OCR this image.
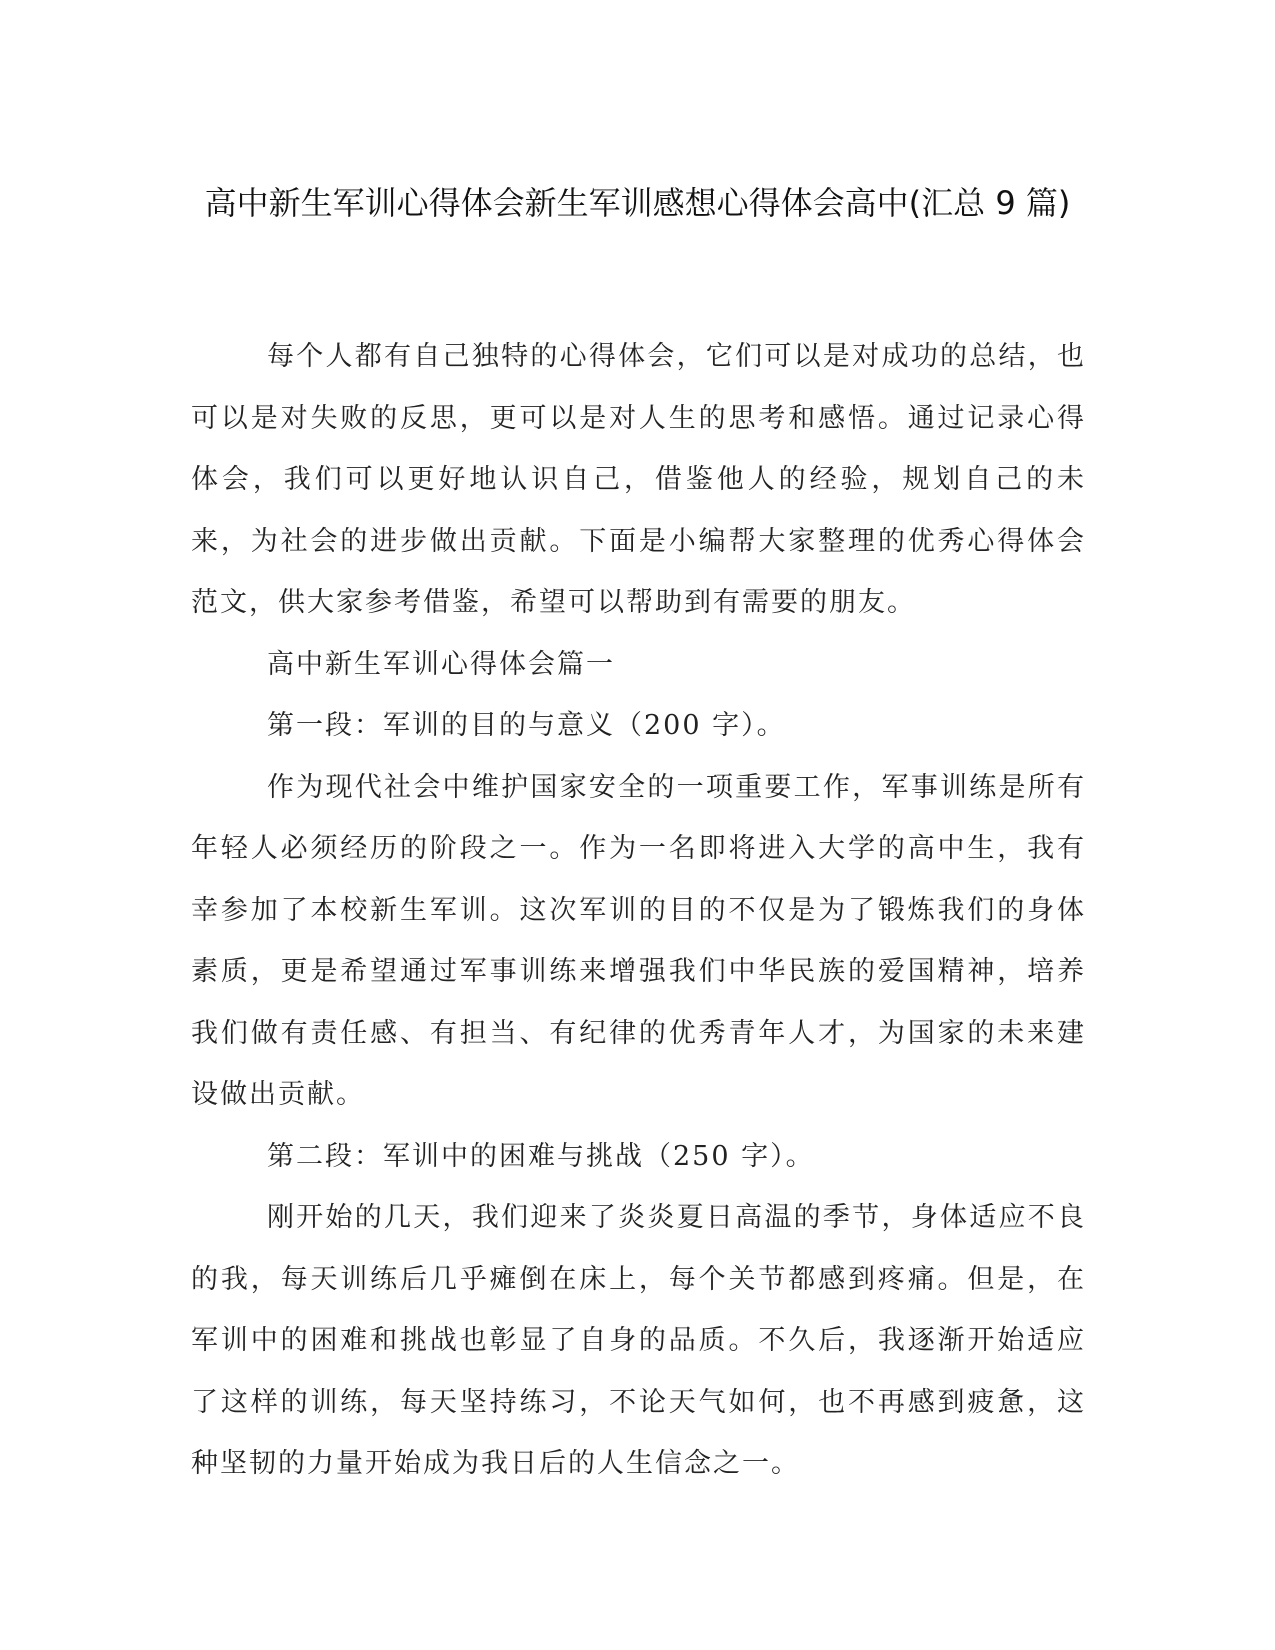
高中新生军训心得体会新生军训感想心得体会高中(汇总 9 篇)

每个人都有自己独特的心得体会，它们可以是对成功的总结，也可以是对失败的反思，更可以是对人生的思考和感悟。通过记录心得体会，我们可以更好地认识自己，借鉴他人的经验，规划自己的未来，为社会的进步做出贡献。下面是小编帮大家整理的优秀心得体会范文，供大家参考借鉴，希望可以帮助到有需要的朋友。

高中新生军训心得体会篇一

第一段：军训的目的与意义（200 字）。

作为现代社会中维护国家安全的一项重要工作，军事训练是所有年轻人必须经历的阶段之一。作为一名即将进入大学的高中生，我有幸参加了本校新生军训。这次军训的目的不仅是为了锻炼我们的身体素质，更是希望通过军事训练来增强我们中华民族的爱国精神，培养我们做有责任感、有担当、有纪律的优秀青年人才，为国家的未来建设做出贡献。

第二段：军训中的困难与挑战（250 字）。

刚开始的几天，我们迎来了炎炎夏日高温的季节，身体适应不良的我，每天训练后几乎瘫倒在床上，每个关节都感到疼痛。但是，在军训中的困难和挑战也彰显了自身的品质。不久后，我逐渐开始适应了这样的训练，每天坚持练习，不论天气如何，也不再感到疲惫，这种坚韧的力量开始成为我日后的人生信念之一。
